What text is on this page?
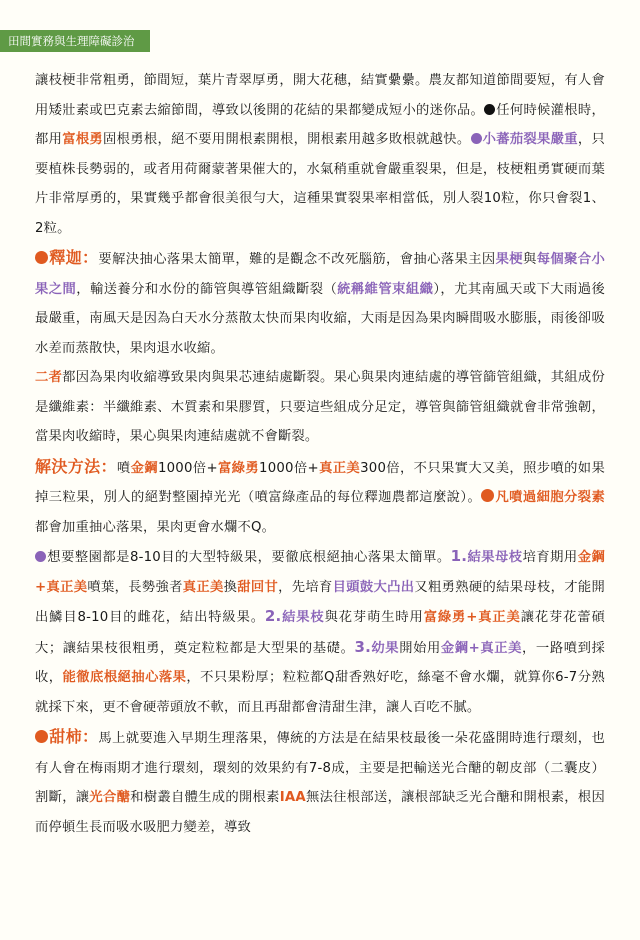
田間實務與生理障礙診治

讓枝梗非常粗勇，節間短，葉片青翠厚勇，開大花穗，結實纍纍。農友都知道節間要短，有人會用矮壯素或巴克素去縮節間，導致以後開的花結的果都變成短小的迷你品。 任何時候灌根時，都用富根勇固根勇根，絕不要用開根素開根，開根素用越多敗根就越快。 小蕃茄裂果嚴重，只要植株長勢弱的，或者用荷爾蒙著果催大的，水氣稍重就會嚴重裂果，但是，枝梗粗勇實硬而葉片非常厚勇的，果實幾乎都會很美很勻大，這種果實裂果率相當低，別人裂10粒，你只會裂1、2粒。

釋迦：要解決抽心落果太簡單，難的是觀念不改死腦筋，會抽心落果主因果梗與每個聚合小果之間，輸送養分和水份的篩管與導管組織斷裂（統稱維管束組織），尤其南風天或下大雨過後最嚴重，南風天是因為白天水分蒸散太快而果肉收縮，大雨是因為果肉瞬間吸水膨脹，雨後卻吸水差而蒸散快，果肉退水收縮。

二者都因為果肉收縮導致果肉與果芯連結處斷裂。果心與果肉連結處的導管篩管組織，其組成份是纖維素：半纖維素、木質素和果膠質，只要這些組成分足定，導管與篩管組織就會非常強韌，當果肉收縮時，果心與果肉連結處就不會斷裂。

解決方法：噴金鋼1000倍+富綠勇1000倍+真正美300倍，不只果實大又美，照步噴的如果掉三粒果，別人的絕對整園掉光光（噴富綠產品的每位釋迦農都這麼說）。 凡噴過細胞分裂素都會加重抽心落果，果肉更會水爛不Q。

想要整園都是8-10目的大型特級果，要徹底根絕抽心落果太簡單。1.結果母枝培育期用金鋼+真正美噴葉，長勢強者真正美換甜回甘，先培育目頭鼓大凸出又粗勇熟硬的結果母枝，才能開出鱗目8-10目的雌花，結出特級果。2.結果枝與花芽萌生時用富綠勇+真正美讓花芽花蕾碩大；讓結果枝很粗勇，奠定粒粒都是大型果的基礎。3.幼果開始用金鋼+真正美，一路噴到採收，能徹底根絕抽心落果，不只果粉厚；粒粒都Q甜香熟好吃，絲毫不會水爛，就算你6-7分熟就採下來，更不會硬蒂頭放不軟，而且再甜都會清甜生津，讓人百吃不膩。

甜柿：馬上就要進入早期生理落果，傳統的方法是在結果枝最後一朵花盛開時進行環刻，也有人會在梅雨期才進行環刻，環刻的效果約有7-8成，主要是把輸送光合醣的韌皮部（二囊皮）割斷，讓光合醣和樹叢自體生成的開根素IAA無法往根部送，讓根部缺乏光合醣和開根素，根因而停頓生長而吸水吸肥力變差，導致
